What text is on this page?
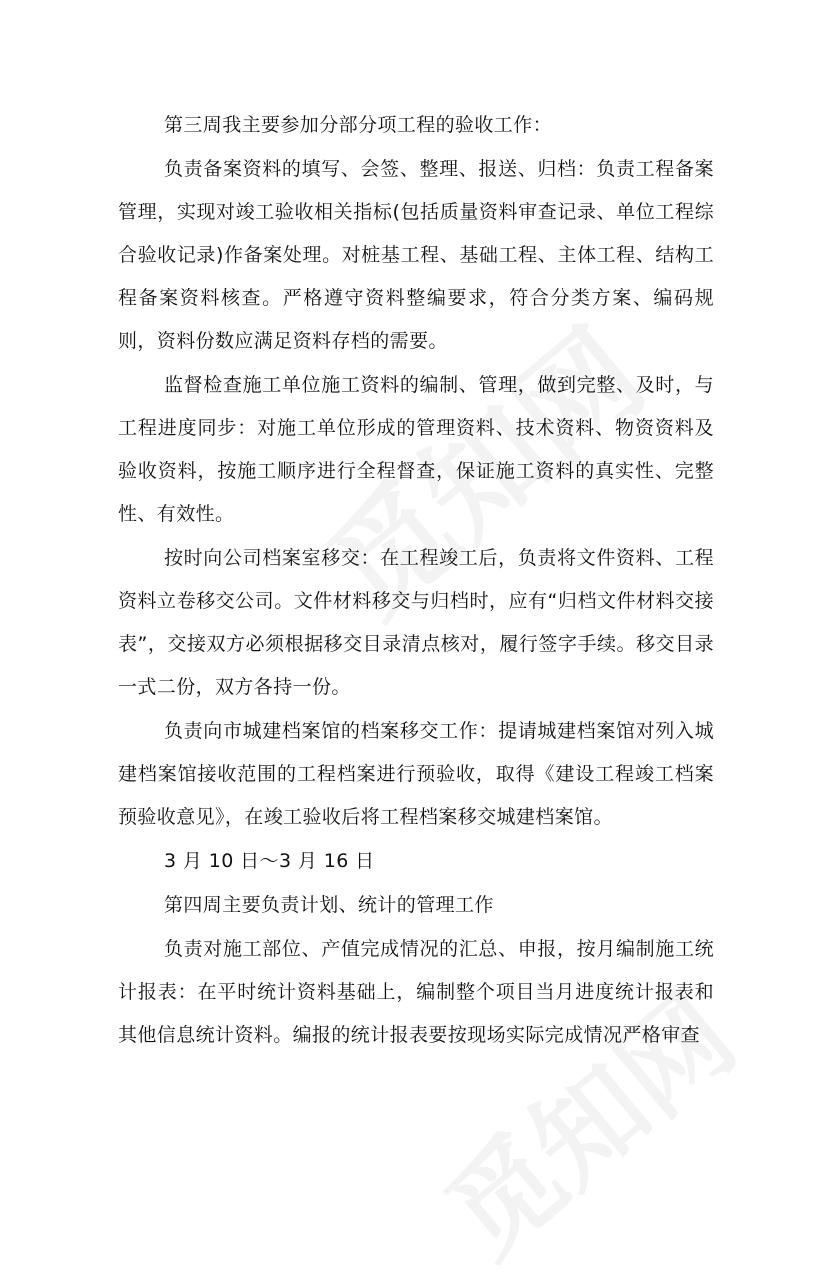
第三周我主要参加分部分项工程的验收工作：

负责备案资料的填写、会签、整理、报送、归档：负责工程备案管理，实现对竣工验收相关指标(包括质量资料审查记录、单位工程综合验收记录)作备案处理。对桩基工程、基础工程、主体工程、结构工程备案资料核查。严格遵守资料整编要求，符合分类方案、编码规则，资料份数应满足资料存档的需要。

监督检查施工单位施工资料的编制、管理，做到完整、及时，与工程进度同步：对施工单位形成的管理资料、技术资料、物资资料及验收资料，按施工顺序进行全程督查，保证施工资料的真实性、完整性、有效性。

按时向公司档案室移交：在工程竣工后，负责将文件资料、工程资料立卷移交公司。文件材料移交与归档时，应有“归档文件材料交接表”，交接双方必须根据移交目录清点核对，履行签字手续。移交目录一式二份，双方各持一份。

负责向市城建档案馆的档案移交工作：提请城建档案馆对列入城建档案馆接收范围的工程档案进行预验收，取得《建设工程竣工档案预验收意见》，在竣工验收后将工程档案移交城建档案馆。

3 月 10 日～3 月 16 日

第四周主要负责计划、统计的管理工作

负责对施工部位、产值完成情况的汇总、申报，按月编制施工统计报表：在平时统计资料基础上，编制整个项目当月进度统计报表和其他信息统计资料。编报的统计报表要按现场实际完成情况严格审查
